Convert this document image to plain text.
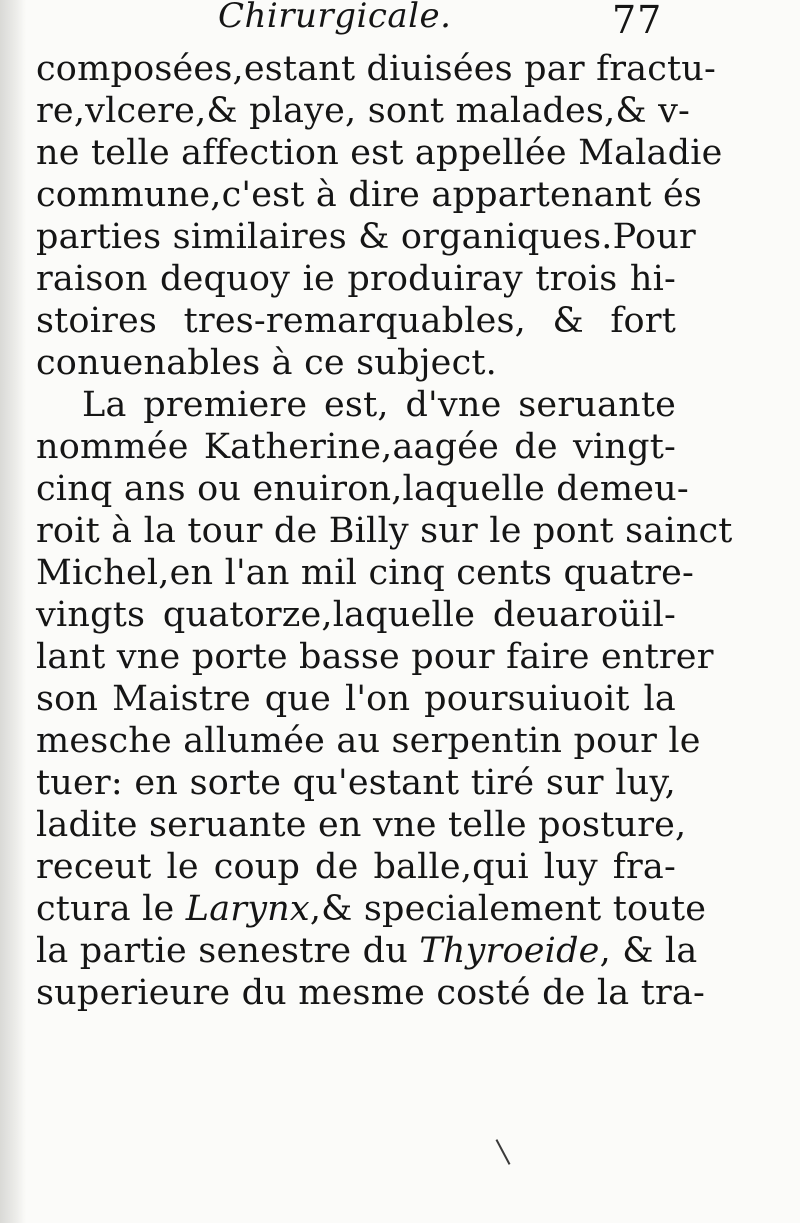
Chirurgicale.	77
composées,estant diuisées par fractu-
re,vlcere,& playe, sont malades,& v-
ne telle affection est appellée Maladie
commune,c'est à dire appartenant és
parties similaires & organiques.Pour
raison dequoy ie produiray trois hi-
stoires tres-remarquables, & fort
conuenables à ce subject.
La premiere est, d'vne seruante
nommée Katherine,aagée de vingt-
cinq ans ou enuiron,laquelle demeu-
roit à la tour de Billy sur le pont sainct
Michel,en l'an mil cinq cents quatre-
vingts quatorze,laquelle deuaroüil-
lant vne porte basse pour faire entrer
son Maistre que l'on poursuiuoit la
mesche allumée au serpentin pour le
tuer: en sorte qu'estant tiré sur luy,
ladite seruante en vne telle posture,
receut le coup de balle,qui luy fra-
ctura le Larynx,& specialement toute
la partie senestre du Thyroeide, & la
superieure du mesme costé de la tra-
